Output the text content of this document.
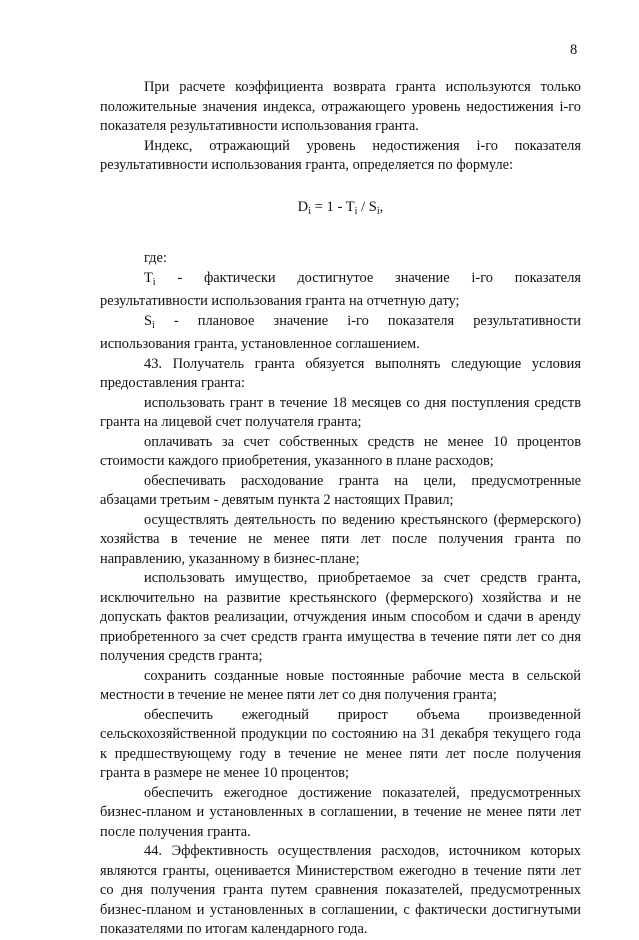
8

При расчете коэффициента возврата гранта используются только положительные значения индекса, отражающего уровень недостижения i-го показателя результативности использования гранта.

Индекс, отражающий уровень недостижения i-го показателя результативности использования гранта, определяется по формуле:

$D_i = 1 - T_i / S_i$,

где:

$T_i$ - фактически достигнутое значение i-го показателя результативности использования гранта на отчетную дату;

$S_i$ - плановое значение i-го показателя результативности использования гранта, установленное соглашением.

43. Получатель гранта обязуется выполнять следующие условия предоставления гранта:

использовать грант в течение 18 месяцев со дня поступления средств гранта на лицевой счет получателя гранта;

оплачивать за счет собственных средств не менее 10 процентов стоимости каждого приобретения, указанного в плане расходов;

обеспечивать расходование гранта на цели, предусмотренные абзацами третьим - девятым пункта 2 настоящих Правил;

осуществлять деятельность по ведению крестьянского (фермерского) хозяйства в течение не менее пяти лет после получения гранта по направлению, указанному в бизнес-плане;

использовать имущество, приобретаемое за счет средств гранта, исключительно на развитие крестьянского (фермерского) хозяйства и не допускать фактов реализации, отчуждения иным способом и сдачи в аренду приобретенного за счет средств гранта имущества в течение пяти лет со дня получения средств гранта;

сохранить созданные новые постоянные рабочие места в сельской местности в течение не менее пяти лет со дня получения гранта;

обеспечить ежегодный прирост объема произведенной сельскохозяйственной продукции по состоянию на 31 декабря текущего года к предшествующему году в течение не менее пяти лет после получения гранта в размере не менее 10 процентов;

обеспечить ежегодное достижение показателей, предусмотренных бизнес-планом и установленных в соглашении, в течение не менее пяти лет после получения гранта.

44. Эффективность осуществления расходов, источником которых являются гранты, оценивается Министерством ежегодно в течение пяти лет со дня получения гранта путем сравнения показателей, предусмотренных бизнес-планом и установленных в соглашении, с фактически достигнутыми показателями по итогам календарного года.
